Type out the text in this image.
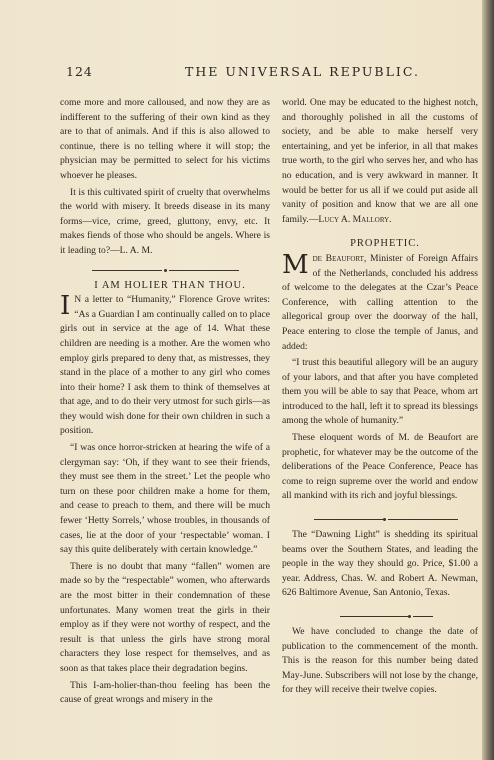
124	THE UNIVERSAL REPUBLIC.

come more and more calloused, and now they are as indifferent to the suffering of their own kind as they are to that of animals. And if this is also allowed to continue, there is no telling where it will stop; the physician may be permitted to select for his victims whoever he pleases.

It is this cultivated spirit of cruelty that overwhelms the world with misery. It breeds disease in its many forms—vice, crime, greed, gluttony, envy, etc. It makes fiends of those who should be angels. Where is it leading to?—L. A. M.

I AM HOLIER THAN THOU.

I N a letter to “Humanity,” Florence Grove writes: “As a Guardian I am continually called on to place girls out in service at the age of 14. What these children are needing is a mother. Are the women who employ girls prepared to deny that, as mistresses, they stand in the place of a mother to any girl who comes into their home? I ask them to think of themselves at that age, and to do their very utmost for such girls—as they would wish done for their own children in such a position.

“I was once horror-stricken at hearing the wife of a clergyman say: ‘Oh, if they want to see their friends, they must see them in the street.’ Let the people who turn on these poor children make a home for them, and cease to preach to them, and there will be much fewer ‘Hetty Sorrels,’ whose troubles, in thousands of cases, lie at the door of your ‘respectable’ woman. I say this quite deliberately with certain knowledge.”

There is no doubt that many “fallen” women are made so by the “respectable” women, who afterwards are the most bitter in their condemnation of these unfortunates. Many women treat the girls in their employ as if they were not worthy of respect, and the result is that unless the girls have strong moral characters they lose respect for themselves, and as soon as that takes place their degradation begins.

This I-am-holier-than-thou feeling has been the cause of great wrongs and misery in the

world. One may be educated to the highest notch, and thoroughly polished in all the customs of society, and be able to make herself very entertaining, and yet be inferior, in all that makes true worth, to the girl who serves her, and who has no education, and is very awkward in manner. It would be better for us all if we could put aside all vanity of position and know that we are all one family.—Lucy A. Mallory.

PROPHETIC.

M de Beaufort, Minister of Foreign Affairs of the Netherlands, concluded his address of welcome to the delegates at the Czar’s Peace Conference, with calling attention to the allegorical group over the doorway of the hall, Peace entering to close the temple of Janus, and added:

“I trust this beautiful allegory will be an augury of your labors, and that after you have completed them you will be able to say that Peace, whom art introduced to the hall, left it to spread its blessings among the whole of humanity.”

These eloquent words of M. de Beaufort are prophetic, for whatever may be the outcome of the deliberations of the Peace Conference, Peace has come to reign supreme over the world and endow all mankind with its rich and joyful blessings.

The “Dawning Light” is shedding its spiritual beams over the Southern States, and leading the people in the way they should go. Price, $1.00 a year. Address, Chas. W. and Robert A. Newman, 626 Baltimore Avenue, San Antonio, Texas.

We have concluded to change the date of publication to the commencement of the month. This is the reason for this number being dated May-June. Subscribers will not lose by the change, for they will receive their twelve copies.
